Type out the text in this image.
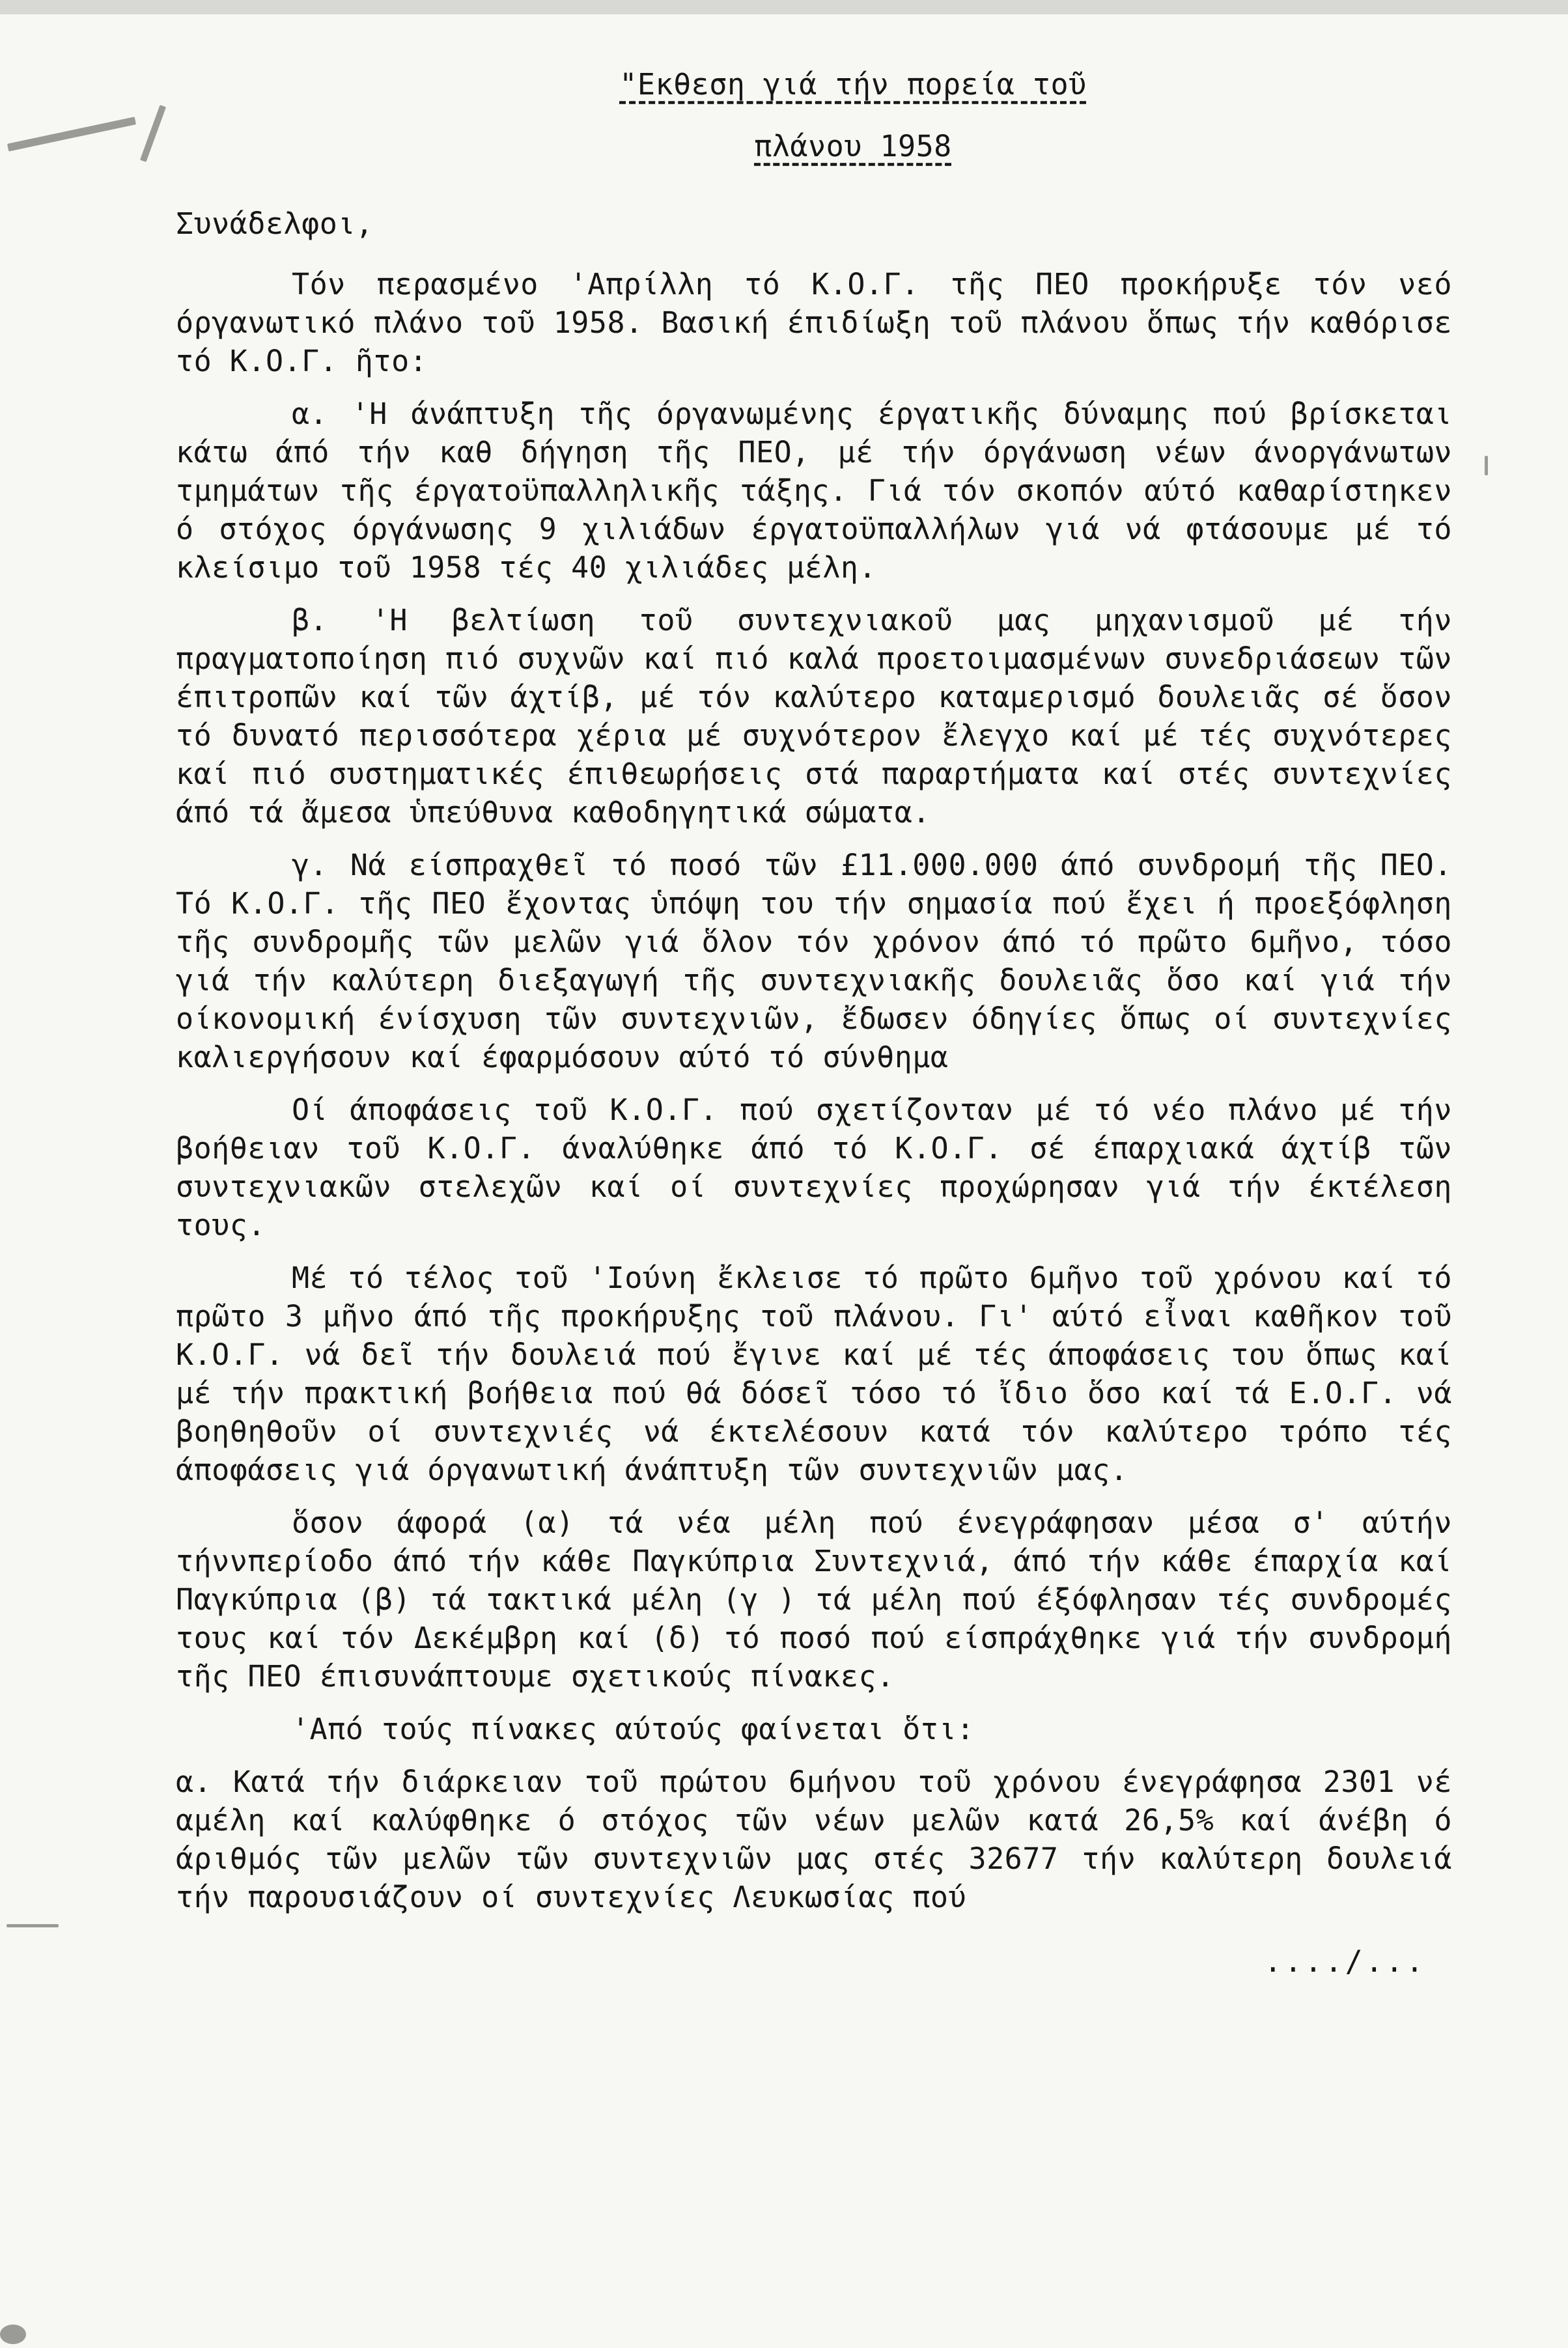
"Εκθεση γιά τήν πορεία τοῦ
πλάνου 1958
Συνάδελφοι,

Τόν περασμένο 'Απρίλλη τό Κ.Ο.Γ. τῆς ΠΕΟ προκήρυξε τόν νεό όργανωτικό πλάνο τοῦ 1958. Βασική έπιδίωξη τοῦ πλάνου ὅπως τήν καθόρισε τό Κ.Ο.Γ. ῆτο:

α. 'Η άνάπτυξη τῆς όργανωμένης έργατικῆς δύναμης πού βρίσκεται κάτω άπό τήν καθ δήγηση τῆς ΠΕΟ, μέ τήν όργάνωση νέων άνοργάνωτων τμημάτων τῆς έργατοϋπαλληλικῆς τάξης. Γιά τόν σκοπόν αύτό καθαρίστηκεν ό στόχος όργάνωσης 9 χιλιάδων έργατοϋπαλλήλων γιά νά φτάσουμε μέ τό κλείσιμο τοῦ 1958 τές 40 χιλιάδες μέλη.

β. 'Η βελτίωση τοῦ συντεχνιακοῦ μας μηχανισμοῦ μέ τήν πραγματοποίηση πιό συχνῶν καί πιό καλά προετοιμασμένων συνεδριάσεων τῶν έπιτροπῶν καί τῶν άχτίβ, μέ τόν καλύτερο καταμερισμό δουλειᾶς σέ ὅσον τό δυνατό περισσότερα χέρια μέ συχνότερον ἔλεγχο καί μέ τές συχνότερες καί πιό συστηματικές έπιθεωρήσεις στά παραρτήματα καί στές συντεχνίες άπό τά ἄμεσα ὑπεύθυνα καθοδηγητικά σώματα.

γ. Νά είσπραχθεῖ τό ποσό τῶν £11.000.000 άπό συνδρομή τῆς ΠΕΟ. Τό Κ.Ο.Γ. τῆς ΠΕΟ ἔχοντας ὑπόψη του τήν σημασία πού ἔχει ή προεξόφληση τῆς συνδρομῆς τῶν μελῶν γιά ὅλον τόν χρόνον άπό τό πρῶτο 6μῆνο, τόσο γιά τήν καλύτερη διεξαγωγή τῆς συντεχνιακῆς δουλειᾶς ὅσο καί γιά τήν οίκονομική ένίσχυση τῶν συντεχνιῶν, ἔδωσεν όδηγίες ὅπως οί συντεχνίες καλιεργήσουν καί έφαρμόσουν αύτό τό σύνθημα

Οί άποφάσεις τοῦ Κ.Ο.Γ. πού σχετίζονταν μέ τό νέο πλάνο μέ τήν βοήθειαν τοῦ Κ.Ο.Γ. άναλύθηκε άπό τό Κ.Ο.Γ. σέ έπαρχιακά άχτίβ τῶν συντεχνιακῶν στελεχῶν καί οί συντεχνίες προχώρησαν γιά τήν έκτέλεση τους.

Μέ τό τέλος τοῦ 'Ιούνη ἔκλεισε τό πρῶτο 6μῆνο τοῦ χρόνου καί τό πρῶτο 3 μῆνο άπό τῆς προκήρυξης τοῦ πλάνου. Γι' αύτό εἶναι καθῆκον τοῦ Κ.Ο.Γ. νά δεῖ τήν δουλειά πού ἔγινε καί μέ τές άποφάσεις του ὅπως καί μέ τήν πρακτική βοήθεια πού θά δόσεῖ τόσο τό ἴδιο ὅσο καί τά Ε.Ο.Γ. νά βοηθηθοῦν οί συντεχνιές νά έκτελέσουν κατά τόν καλύτερο τρόπο τές άποφάσεις γιά όργανωτική άνάπτυξη τῶν συντεχνιῶν μας.

ὅσον άφορά (α) τά νέα μέλη πού ένεγράφησαν μέσα σ' αύτήν τήννπερίοδο άπό τήν κάθε Παγκύπρια Συντεχνιά, άπό τήν κάθε έπαρχία καί Παγκύπρια (β) τά τακτικά μέλη (γ ) τά μέλη πού έξόφλησαν τές συνδρομές τους καί τόν Δεκέμβρη καί (δ) τό ποσό πού είσπράχθηκε γιά τήν συνδρομή τῆς ΠΕΟ έπισυνάπτουμε σχετικούς πίνακες.

'Από τούς πίνακες αύτούς φαίνεται ὅτι:

α. Κατά τήν διάρκειαν τοῦ πρώτου 6μήνου τοῦ χρόνου ένεγράφησα 2301 νέ αμέλη καί καλύφθηκε ό στόχος τῶν νέων μελῶν κατά 26,5% καί άνέβη ό άριθμός τῶν μελῶν τῶν συντεχνιῶν μας στές 32677 τήν καλύτερη δουλειά τήν παρουσιάζουν οί συντεχνίες Λευκωσίας πού

..../...
